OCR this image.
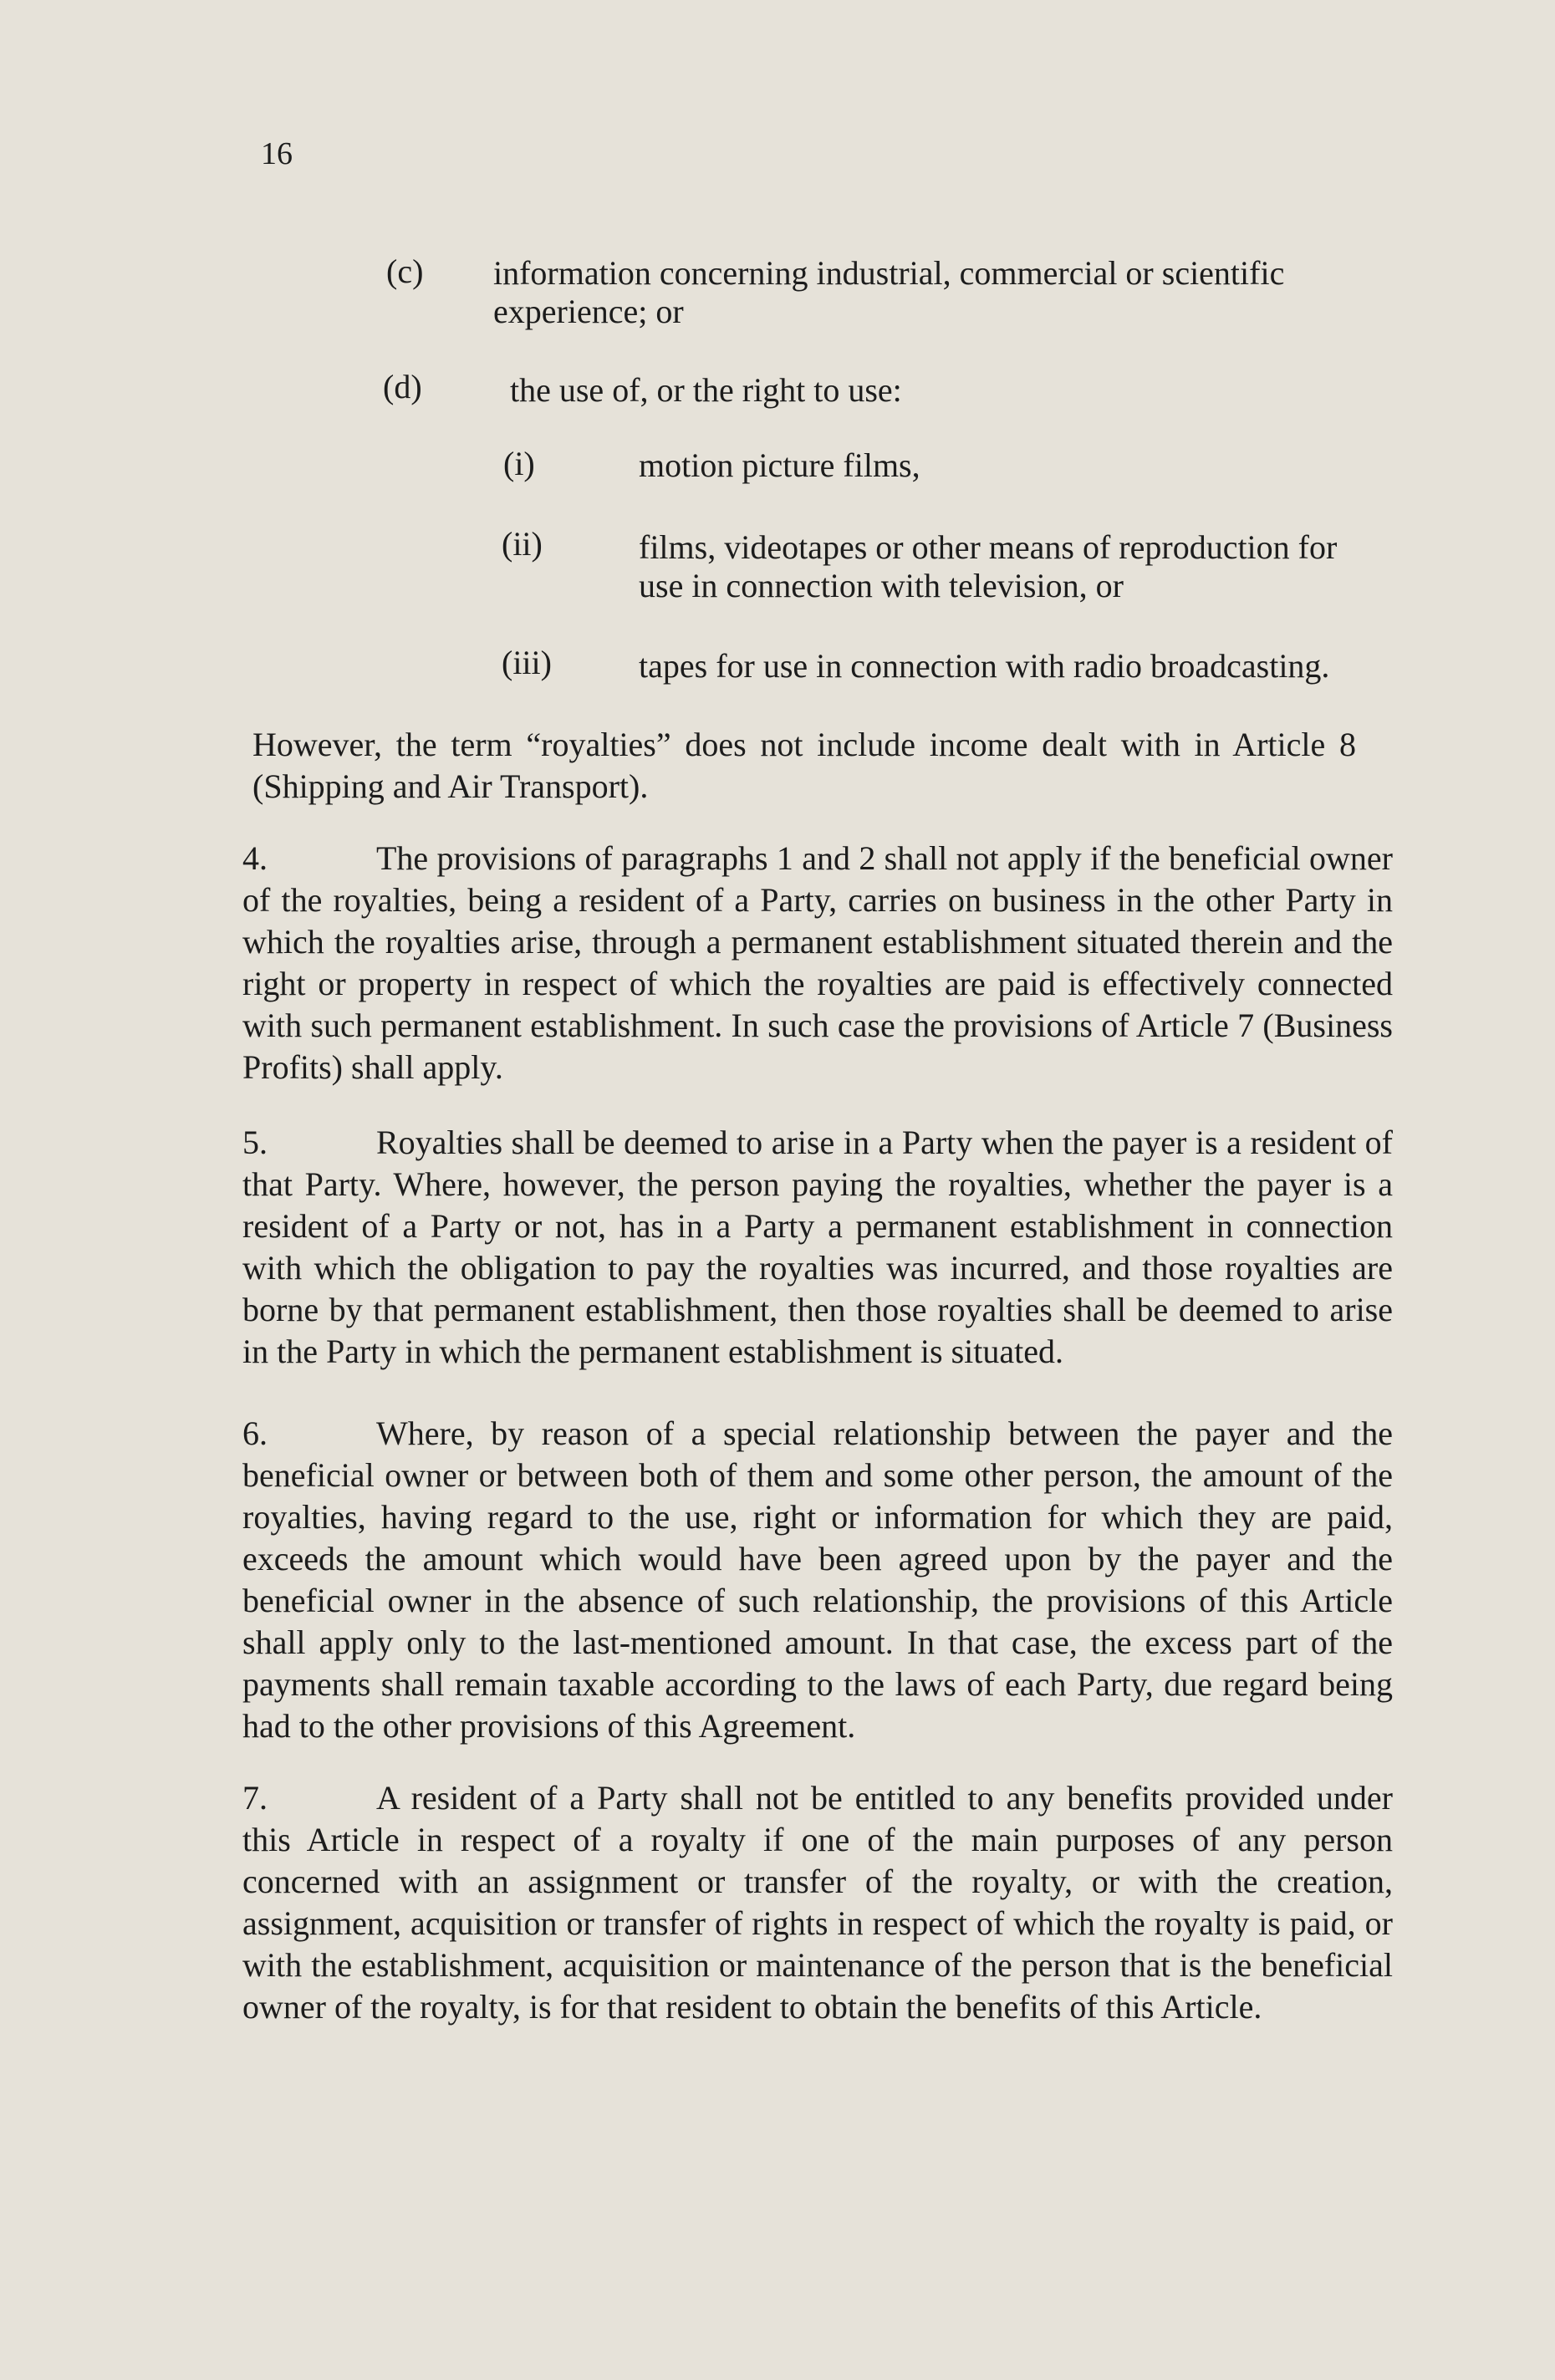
16
(c) information concerning industrial, commercial or scientific
experience; or
(d)	the use of, or the right to use:
(i)	motion picture films,
(ii)	films, videotapes or other means of reproduction for
use in connection with television, or
(iii)	tapes for use in connection with radio broadcasting.
However, the term “royalties” does not include income dealt with in Article 8 (Shipping and Air Transport).
4.	The provisions of paragraphs 1 and 2 shall not apply if the beneficial owner of the royalties, being a resident of a Party, carries on business in the other Party in which the royalties arise, through a permanent establishment situated therein and the right or property in respect of which the royalties are paid is effectively connected with such permanent establishment. In such case the provisions of Article 7 (Business Profits) shall apply.
5.	Royalties shall be deemed to arise in a Party when the payer is a resident of that Party. Where, however, the person paying the royalties, whether the payer is a resident of a Party or not, has in a Party a permanent establishment in connection with which the obligation to pay the royalties was incurred, and those royalties are borne by that permanent establishment, then those royalties shall be deemed to arise in the Party in which the permanent establishment is situated.
6.	Where, by reason of a special relationship between the payer and the beneficial owner or between both of them and some other person, the amount of the royalties, having regard to the use, right or information for which they are paid, exceeds the amount which would have been agreed upon by the payer and the beneficial owner in the absence of such relationship, the provisions of this Article shall apply only to the last-mentioned amount. In that case, the excess part of the payments shall remain taxable according to the laws of each Party, due regard being had to the other provisions of this Agreement.
7.	A resident of a Party shall not be entitled to any benefits provided under this Article in respect of a royalty if one of the main purposes of any person concerned with an assignment or transfer of the royalty, or with the creation, assignment, acquisition or transfer of rights in respect of which the royalty is paid, or with the establishment, acquisition or maintenance of the person that is the beneficial owner of the royalty, is for that resident to obtain the benefits of this Article.
